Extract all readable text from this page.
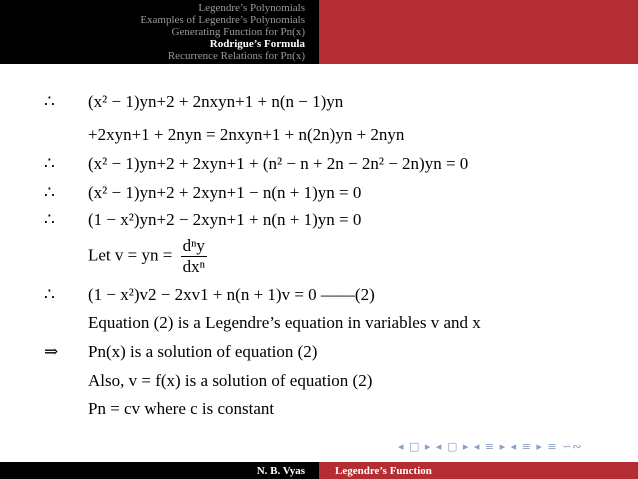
Legendre’s Polynomials
Examples of Legendre’s Polynomials
Generating Function for Pn(x)
Rodrigue’s Formula
Recurrence Relations for Pn(x)
∴ (x² − 1)yn+2 + 2nxyn+1 + n(n − 1)yn
+2xyn+1 + 2nyn = 2nxyn+1 + n(2n)yn + 2nyn
∴ (x² − 1)yn+2 + 2xyn+1 + (n² − n + 2n − 2n² − 2n)yn = 0
∴ (x² − 1)yn+2 + 2xyn+1 − n(n + 1)yn = 0
∴ (1 − x²)yn+2 − 2xyn+1 + n(n + 1)yn = 0
Let v = yn = $\frac{\text{dⁿy}}{\text{dxⁿ}}$
∴ (1 − x²)v2 − 2xv1 + n(n + 1)v = 0 ——(2)
Equation (2) is a Legendre’s equation in variables v and x
⇒ Pn(x) is a solution of equation (2)
Also, v = f(x) is a solution of equation (2)
Pn = cv where c is constant
◂ □ ▸ ◂ ▢ ▸ ◂ ≡ ▸ ◂ ≡ ▸ ≡ ∽∾
N. B. Vyas	Legendre’s Function
